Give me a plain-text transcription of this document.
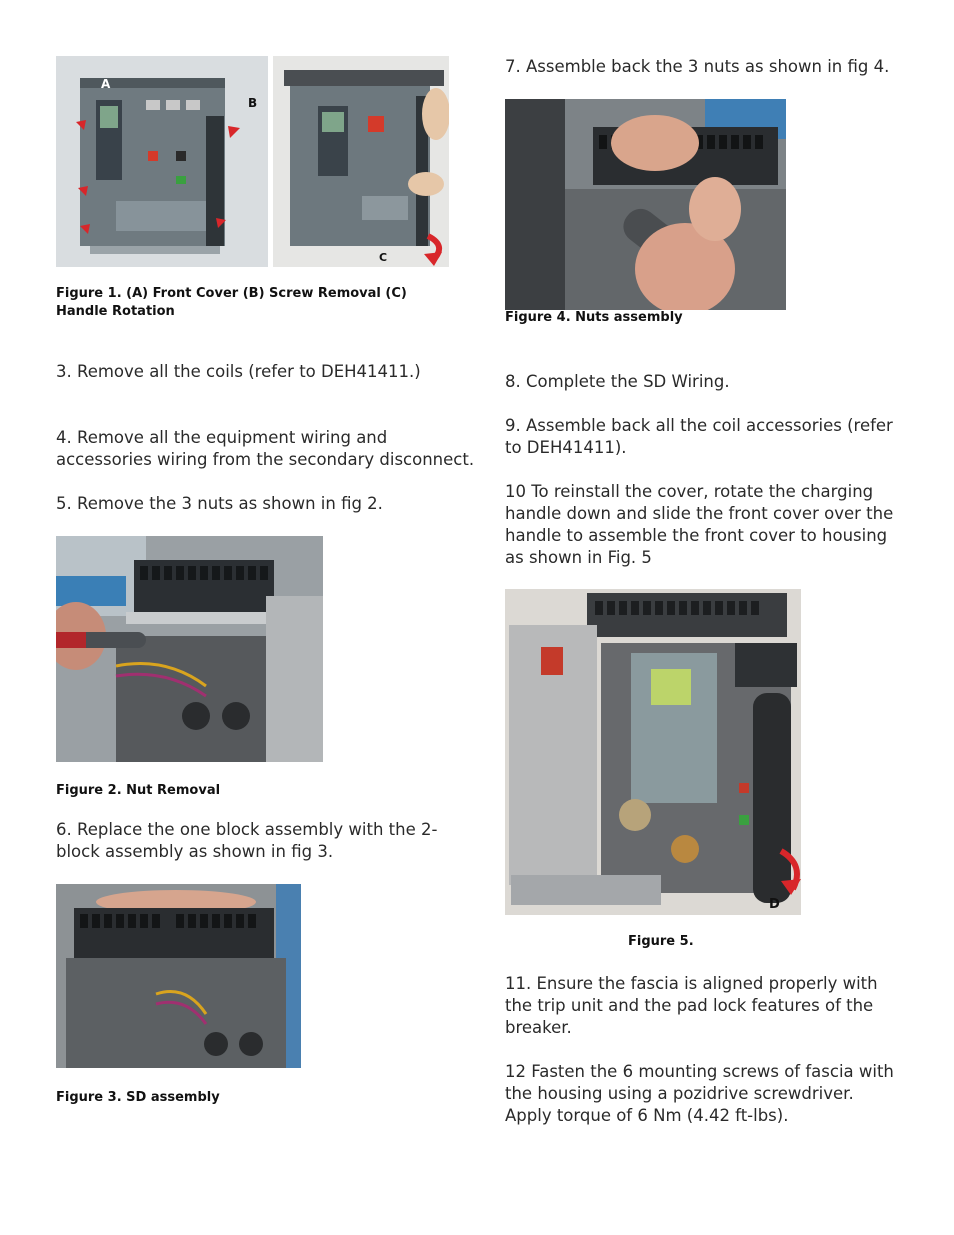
A
B
C
Figure 1. (A) Front Cover (B) Screw Removal (C) Handle Rotation
3. Remove all the coils (refer to DEH41411.)
4. Remove all the equipment wiring and accessories wiring from the secondary disconnect.
5. Remove the 3 nuts as shown in fig 2.
Figure 2. Nut Removal
6. Replace the one block assembly with the 2-block assembly as shown in fig 3.
Figure 3. SD assembly
7. Assemble back the 3 nuts as shown in fig 4.
Figure 4. Nuts assembly
8. Complete the SD Wiring.
9. Assemble back all the coil accessories (refer to DEH41411).
10 To reinstall the cover, rotate the charging handle down and slide the front cover over the handle to assemble the front cover to housing as shown in Fig. 5
D
Figure 5.
11. Ensure the fascia is aligned properly with the trip unit and the pad lock features of the breaker.
12 Fasten the 6 mounting screws of fascia with the housing using a pozidrive screwdriver. Apply torque of 6 Nm (4.42 ft-lbs).
